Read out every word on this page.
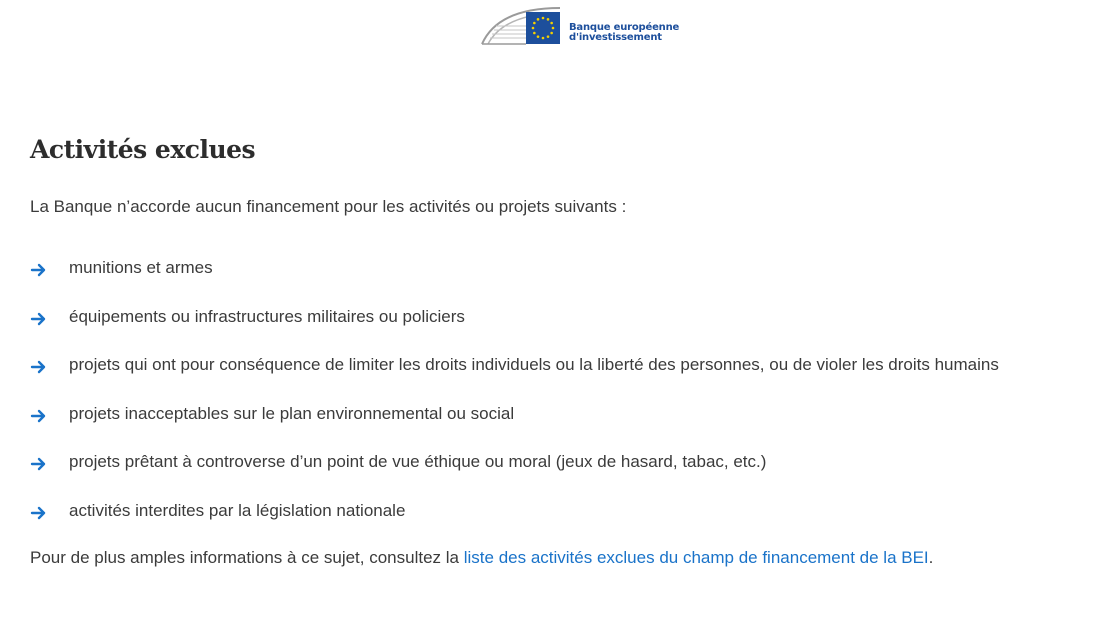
Banque européenne
d'investissement
Activités exclues

La Banque n’accorde aucun financement pour les activités ou projets suivants :

munitions et armes
équipements ou infrastructures militaires ou policiers
projets qui ont pour conséquence de limiter les droits individuels ou la liberté des personnes, ou de violer les droits humains
projets inacceptables sur le plan environnemental ou social
projets prêtant à controverse d’un point de vue éthique ou moral (jeux de hasard, tabac, etc.)
activités interdites par la législation nationale

Pour de plus amples informations à ce sujet, consultez la liste des activités exclues du champ de financement de la BEI.
